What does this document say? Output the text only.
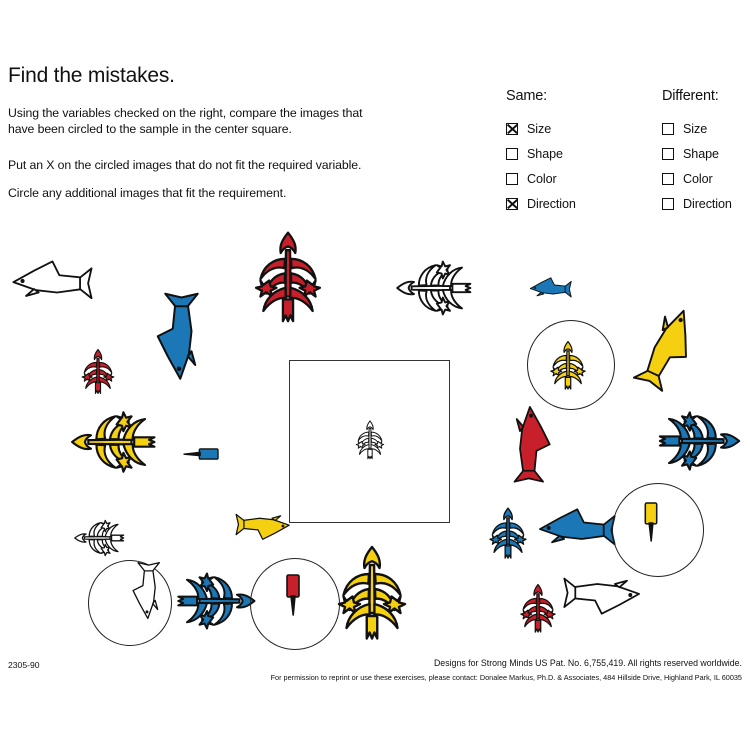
Find the mistakes.
Using the variables checked on the right, compare the images that have been circled to the sample in the center square.
Put an X on the circled images that do not fit the required variable.
Circle any additional images that fit the requirement.
Same:
Size
Shape
Color
Direction
Different:
Size
Shape
Color
Direction
2305-90	Designs for Strong Minds US Pat. No. 6,755,419. All rights reserved worldwide.
For permission to reprint or use these exercises, please contact: Donalee Markus, Ph.D. & Associates, 484 Hillside Drive, Highland Park, IL 60035
